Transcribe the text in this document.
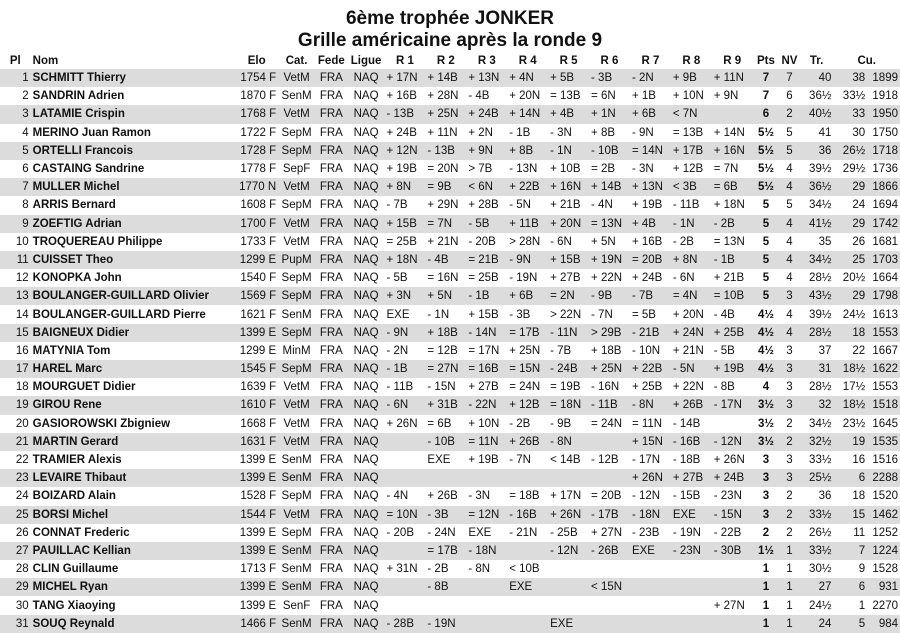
6ème trophée JONKER
Grille américaine après la ronde 9
Pl	Nom	Elo	Cat.	Fede	Ligue	R 1	R 2	R 3	R 4	R 5	R 6	R 7	R 8	R 9	Pts	NV	Tr.	Cu.	
1	SCHMITT Thierry	1754 F	VetM	FRA	NAQ	+ 17N	+ 14B	+ 13N	+ 4N	+ 5B	- 3B	- 2N	+ 9B	+ 11N	7	7	40	38	1899
2	SANDRIN Adrien	1870 F	SenM	FRA	NAQ	+ 16B	+ 28N	- 4B	+ 20N	= 13B	= 6N	+ 1B	+ 10N	+ 9N	7	6	36½	33½	1918
3	LATAMIE Crispin	1768 F	VetM	FRA	NAQ	- 13B	+ 25N	+ 24B	+ 14N	+ 4B	+ 1N	+ 6B	< 7N		6	2	40½	33	1950
4	MERINO Juan Ramon	1722 F	SepM	FRA	NAQ	+ 24B	+ 11N	+ 2N	- 1B	- 3N	+ 8B	- 9N	= 13B	+ 14N	5½	5	41	30	1750
5	ORTELLI Francois	1728 F	SepM	FRA	NAQ	+ 12N	- 13B	+ 9N	+ 8B	- 1N	- 10B	= 14N	+ 17B	+ 16N	5½	5	36	26½	1718
6	CASTAING Sandrine	1778 F	SepF	FRA	NAQ	+ 19B	= 20N	> 7B	- 13N	+ 10B	= 2B	- 3N	+ 12B	= 7N	5½	4	39½	29½	1736
7	MULLER Michel	1770 N	VetM	FRA	NAQ	+ 8N	= 9B	< 6N	+ 22B	+ 16N	+ 14B	+ 13N	< 3B	= 6B	5½	4	36½	29	1866
8	ARRIS Bernard	1608 F	SepM	FRA	NAQ	- 7B	+ 29N	+ 28B	- 5N	+ 21B	- 4N	+ 19B	- 11B	+ 18N	5	5	34½	24	1694
9	ZOEFTIG Adrian	1700 F	VetM	FRA	NAQ	+ 15B	= 7N	- 5B	+ 11B	+ 20N	= 13N	+ 4B	- 1N	- 2B	5	4	41½	29	1742
10	TROQUEREAU Philippe	1733 F	VetM	FRA	NAQ	= 25B	+ 21N	- 20B	> 28N	- 6N	+ 5N	+ 16B	- 2B	= 13N	5	4	35	26	1681
11	CUISSET Theo	1299 E	PupM	FRA	NAQ	+ 18N	- 4B	= 21B	- 9N	+ 15B	+ 19N	= 20B	+ 8N	- 1B	5	4	34½	25	1703
12	KONOPKA John	1540 F	SepM	FRA	NAQ	- 5B	= 16N	= 25B	- 19N	+ 27B	+ 22N	+ 24B	- 6N	+ 21B	5	4	28½	20½	1664
13	BOULANGER-GUILLARD Olivier	1569 F	SepM	FRA	NAQ	+ 3N	+ 5N	- 1B	+ 6B	= 2N	- 9B	- 7B	= 4N	= 10B	5	3	43½	29	1798
14	BOULANGER-GUILLARD Pierre	1621 F	SenM	FRA	NAQ	EXE	- 1N	+ 15B	- 3B	> 22N	- 7N	= 5B	+ 20N	- 4B	4½	4	39½	24½	1613
15	BAIGNEUX Didier	1399 E	SepM	FRA	NAQ	- 9N	+ 18B	- 14N	= 17B	- 11N	> 29B	- 21B	+ 24N	+ 25B	4½	4	28½	18	1553
16	MATYNIA Tom	1299 E	MinM	FRA	NAQ	- 2N	= 12B	= 17N	+ 25N	- 7B	+ 18B	- 10N	+ 21N	- 5B	4½	3	37	22	1667
17	HAREL Marc	1545 F	SepM	FRA	NAQ	- 1B	= 27N	= 16B	= 15N	- 24B	+ 25N	+ 22B	- 5N	+ 19B	4½	3	31	18½	1622
18	MOURGUET Didier	1639 F	VetM	FRA	NAQ	- 11B	- 15N	+ 27B	= 24N	= 19B	- 16N	+ 25B	+ 22N	- 8B	4	3	28½	17½	1553
19	GIROU Rene	1610 F	VetM	FRA	NAQ	- 6N	+ 31B	- 22N	+ 12B	= 18N	- 11B	- 8N	+ 26B	- 17N	3½	3	32	18½	1518
20	GASIOROWSKI Zbigniew	1668 F	VetM	FRA	NAQ	+ 26N	= 6B	+ 10N	- 2B	- 9B	= 24N	= 11N	- 14B		3½	2	34½	23½	1645
21	MARTIN Gerard	1631 F	VetM	FRA	NAQ		- 10B	= 11N	+ 26B	- 8N		+ 15N	- 16B	- 12N	3½	2	32½	19	1535
22	TRAMIER Alexis	1399 E	SenM	FRA	NAQ		EXE	+ 19B	- 7N	< 14B	- 12B	- 17N	- 18B	+ 26N	3	3	33½	16	1516
23	LEVAIRE Thibaut	1399 E	SenM	FRA	NAQ							+ 26N	+ 27B	+ 24B	3	3	25½	6	2288
24	BOIZARD Alain	1528 F	SepM	FRA	NAQ	- 4N	+ 26B	- 3N	= 18B	+ 17N	= 20B	- 12N	- 15B	- 23N	3	2	36	18	1520
25	BORSI Michel	1544 F	VetM	FRA	NAQ	= 10N	- 3B	= 12N	- 16B	+ 26N	- 17B	- 18N	EXE	- 15N	3	2	33½	15	1462
26	CONNAT Frederic	1399 E	SepM	FRA	NAQ	- 20B	- 24N	EXE	- 21N	- 25B	+ 27N	- 23B	- 19N	- 22B	2	2	26½	11	1252
27	PAUILLAC Kellian	1399 E	SenM	FRA	NAQ		= 17B	- 18N		- 12N	- 26B	EXE	- 23N	- 30B	1½	1	33½	7	1224
28	CLIN Guillaume	1713 F	SenM	FRA	NAQ	+ 31N	- 2B	- 8N	< 10B						1	1	30½	9	1528
29	MICHEL Ryan	1399 E	SenM	FRA	NAQ		- 8B		EXE		< 15N				1	1	27	6	931
30	TANG Xiaoying	1399 E	SenF	FRA	NAQ									+ 27N	1	1	24½	1	2270
31	SOUQ Reynald	1466 F	SenM	FRA	NAQ	- 28B	- 19N			EXE					1	1	24	5	984
